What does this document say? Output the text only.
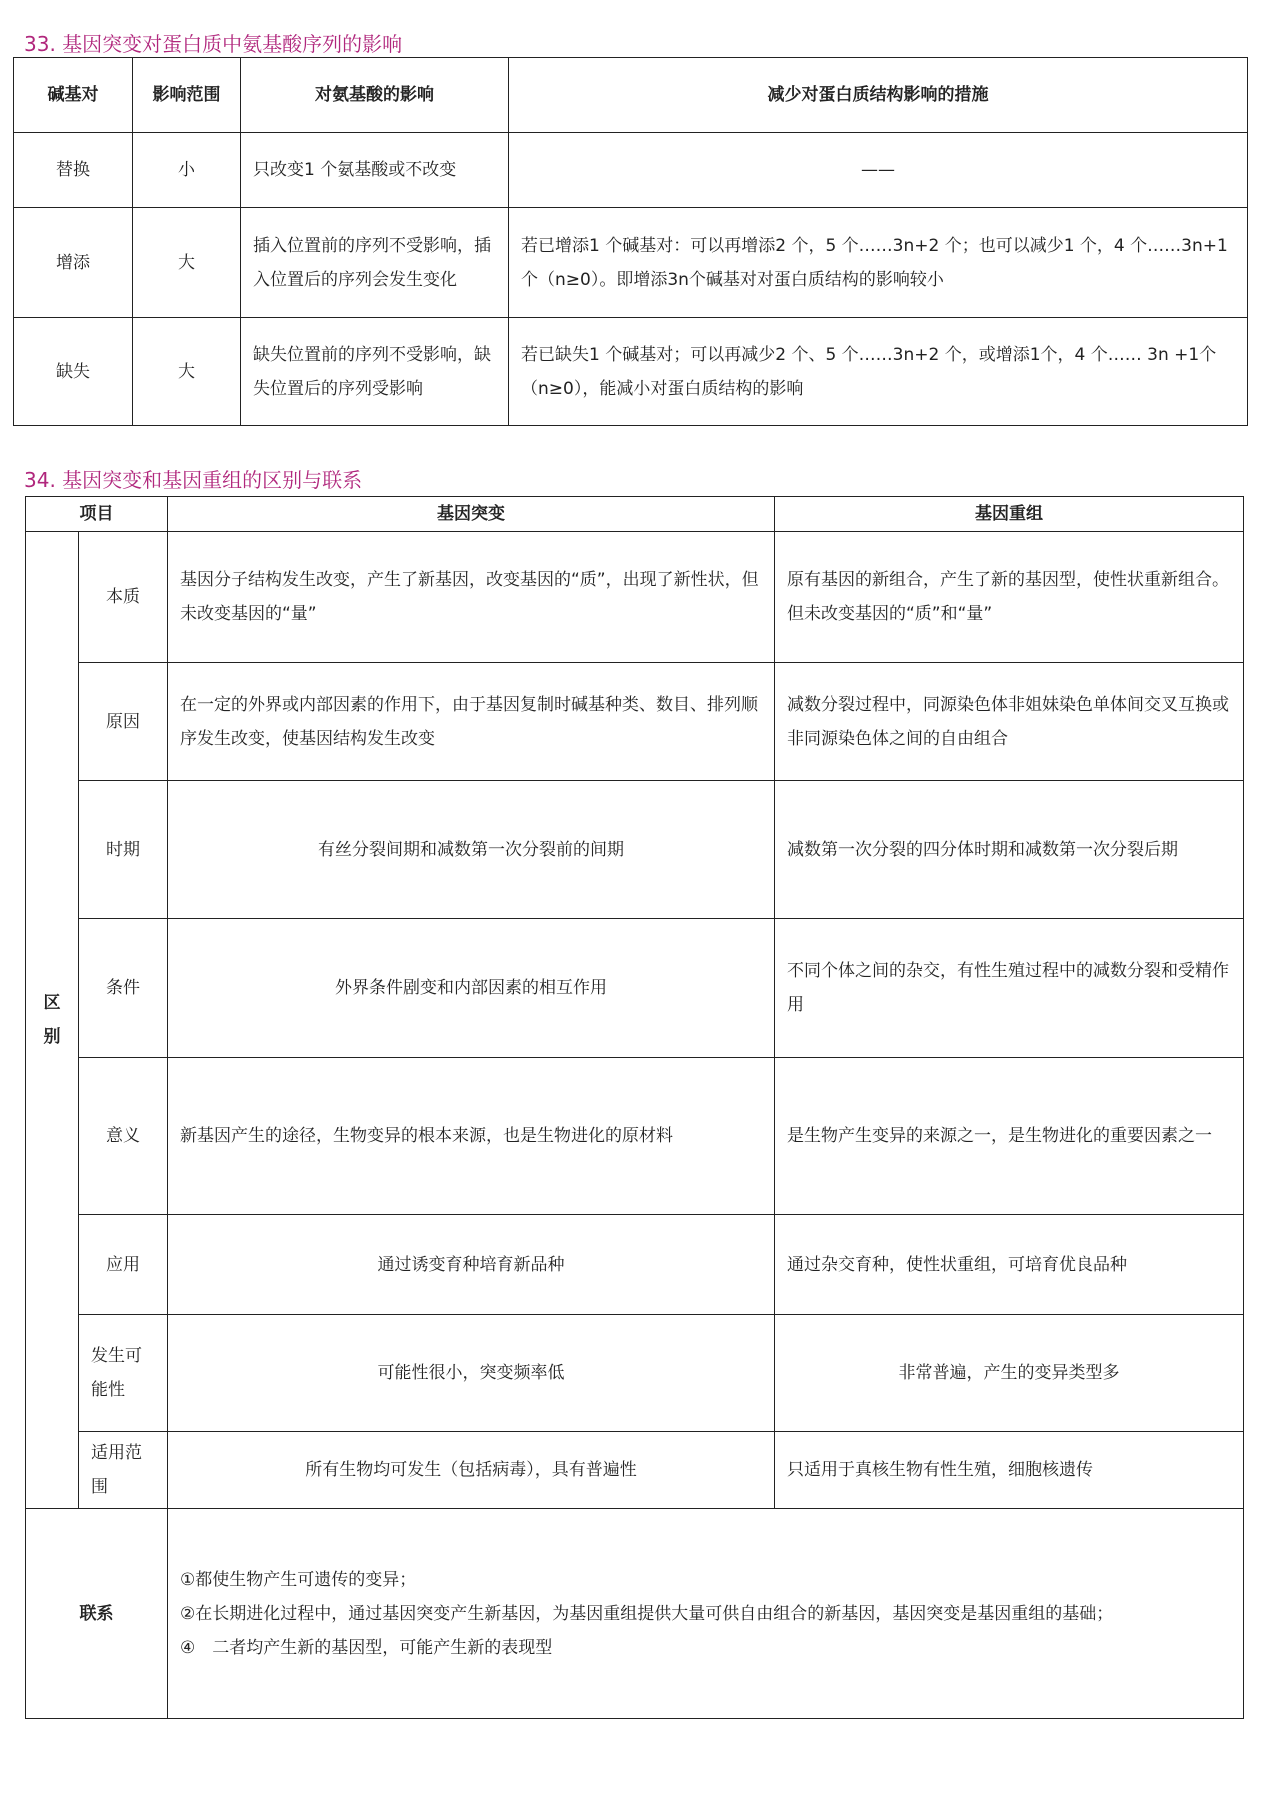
33. 基因突变对蛋白质中氨基酸序列的影响
碱基对	影响范围	对氨基酸的影响	减少对蛋白质结构影响的措施
替换	小	只改变1 个氨基酸或不改变	——
增添	大	插入位置前的序列不受影响，插入位置后的序列会发生变化	若已增添1 个碱基对：可以再增添2 个，5 个……3n+2 个；也可以减少1 个，4 个……3n+1个（n≥0）。即增添3n个碱基对对蛋白质结构的影响较小
缺失	大	缺失位置前的序列不受影响，缺失位置后的序列受影响	若已缺失1 个碱基对；可以再减少2 个、5 个……3n+2 个，或增添1个，4 个…… 3n +1个（n≥0），能减小对蛋白质结构的影响
34. 基因突变和基因重组的区别与联系
项目		基因突变	基因重组
区别	本质	基因分子结构发生改变，产生了新基因，改变基因的“质”，出现了新性状，但未改变基因的“量”	原有基因的新组合，产生了新的基因型，使性状重新组合。但未改变基因的“质”和“量”
	原因	在一定的外界或内部因素的作用下，由于基因复制时碱基种类、数目、排列顺序发生改变，使基因结构发生改变	减数分裂过程中，同源染色体非姐妹染色单体间交叉互换或非同源染色体之间的自由组合
	时期	有丝分裂间期和减数第一次分裂前的间期	减数第一次分裂的四分体时期和减数第一次分裂后期
	条件	外界条件剧变和内部因素的相互作用	不同个体之间的杂交，有性生殖过程中的减数分裂和受精作用
	意义	新基因产生的途径，生物变异的根本来源，也是生物进化的原材料	是生物产生变异的来源之一，是生物进化的重要因素之一
	应用	通过诱变育种培育新品种	通过杂交育种，使性状重组，可培育优良品种
	发生可能性	可能性很小，突变频率低	非常普遍，产生的变异类型多
	适用范围	所有生物均可发生（包括病毒），具有普遍性	只适用于真核生物有性生殖，细胞核遗传
联系		①都使生物产生可遗传的变异；
②在长期进化过程中，通过基因突变产生新基因，为基因重组提供大量可供自由组合的新基因，基因突变是基因重组的基础；
④　二者均产生新的基因型，可能产生新的表现型	
